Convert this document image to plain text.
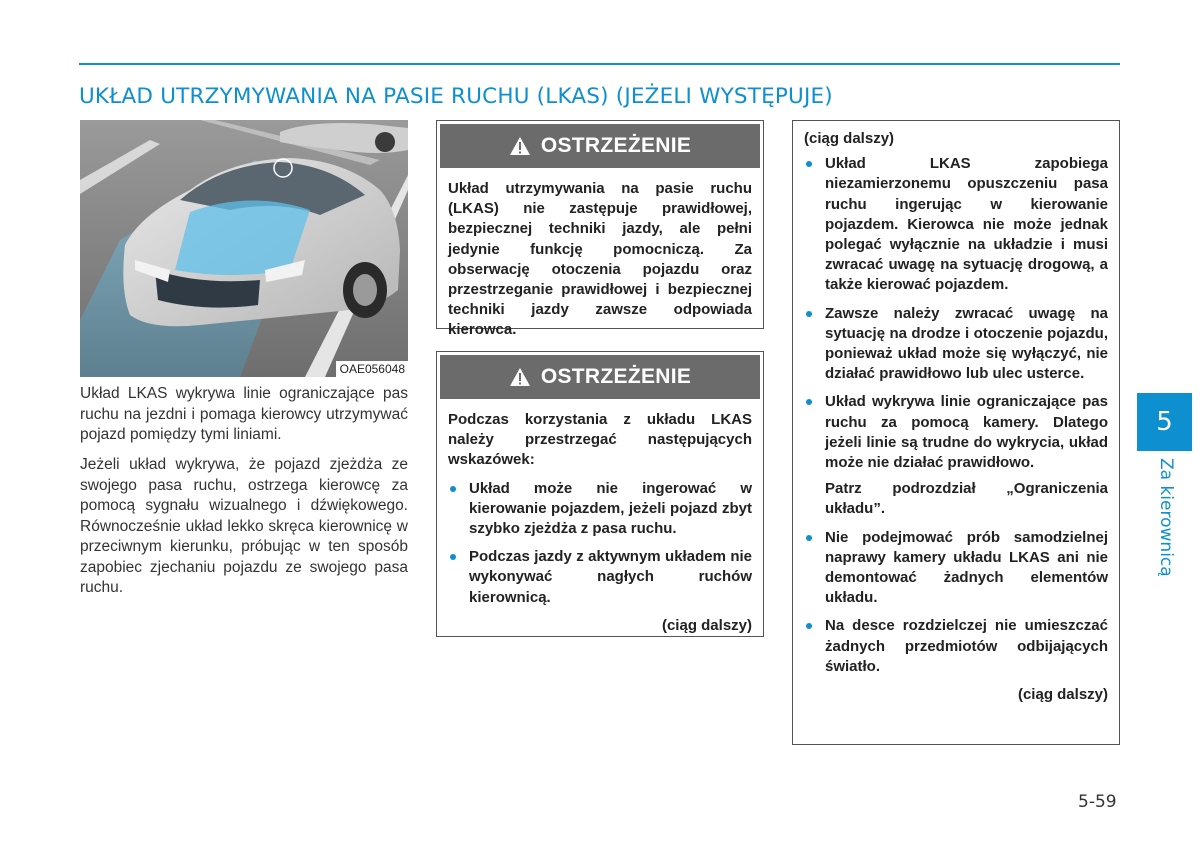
UKŁAD UTRZYMYWANIA NA PASIE RUCHU (LKAS) (JEŻELI WYSTĘPUJE)
OAE056048

Układ LKAS wykrywa linie ograniczające pas ruchu na jezdni i pomaga kierowcy utrzymywać pojazd pomiędzy tymi liniami.

Jeżeli układ wykrywa, że pojazd zjeżdża ze swojego pasa ruchu, ostrzega kierowcę za pomocą sygnału wizualnego i dźwiękowego. Równocześnie układ lekko skręca kierownicę w przeciwnym kierunku, próbując w ten sposób zapobiec zjechaniu pojazdu ze swojego pasa ruchu.

OSTRZEŻENIE
Układ utrzymywania na pasie ruchu (LKAS) nie zastępuje prawidłowej, bezpiecznej techniki jazdy, ale pełni jedynie funkcję pomocniczą. Za obserwację otoczenia pojazdu oraz przestrzeganie prawidłowej i bezpiecznej techniki jazdy zawsze odpowiada kierowca.
OSTRZEŻENIE
Podczas korzystania z układu LKAS należy przestrzegać następujących wskazówek:
Układ może nie ingerować w kierowanie pojazdem, jeżeli pojazd zbyt szybko zjeżdża z pasa ruchu.
Podczas jazdy z aktywnym układem nie wykonywać nagłych ruchów kierownicą.
(ciąg dalszy)
(ciąg dalszy)
Układ LKAS zapobiega niezamierzonemu opuszczeniu pasa ruchu ingerując w kierowanie pojazdem. Kierowca nie może jednak polegać wyłącznie na układzie i musi zwracać uwagę na sytuację drogową, a także kierować pojazdem.
Zawsze należy zwracać uwagę na sytuację na drodze i otoczenie pojazdu, ponieważ układ może się wyłączyć, nie działać prawidłowo lub ulec usterce.
Układ wykrywa linie ograniczające pas ruchu za pomocą kamery. Dlatego jeżeli linie są trudne do wykrycia, układ może nie działać prawidłowo.
Patrz podrozdział „Ograniczenia układu”.
Nie podejmować prób samodzielnej naprawy kamery układu LKAS ani nie demontować żadnych elementów układu.
Na desce rozdzielczej nie umieszczać żadnych przedmiotów odbijających światło.
(ciąg dalszy)
5
Za kierownicą
5-59
